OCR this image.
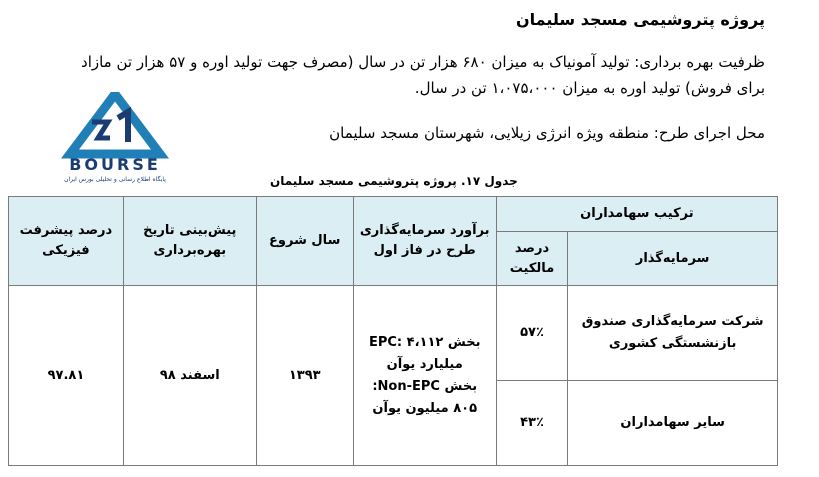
پروژه پتروشیمی مسجد سلیمان
ظرفیت بهره برداری: تولید آمونیاک به میزان ۶۸۰ هزار تن در سال (مصرف جهت تولید اوره و ۵۷ هزار تن مازاد
برای فروش) تولید اوره به میزان ۱،۰۷۵،۰۰۰ تن در سال.
محل اجرای طرح: منطقه ویژه انرژی زیلایی، شهرستان مسجد سلیمان
BOURSE
پایگاه اطلاع رسانی و تحلیلی بورس ایران	جدول ۱۷. پروژه پتروشیمی مسجد سلیمان
ترکیب سهامداران		برآورد سرمایه‌گذاری طرح در فاز اول	سال شروع	پیش‌بینی تاریخ بهره‌برداری	درصد پیشرفت فیزیکی
سرمایه‌گذار	درصد مالکیت				
شرکت سرمایه‌گذاری صندوق بازنشستگی کشوری	۵۷٪	بخش EPC: ۴،۱۱۲
میلیارد یوآن
بخش Non-EPC:
۸۰۵ میلیون یوآن	۱۳۹۳	اسفند ۹۸	۹۷.۸۱
سایر سهامداران	۴۳٪				
